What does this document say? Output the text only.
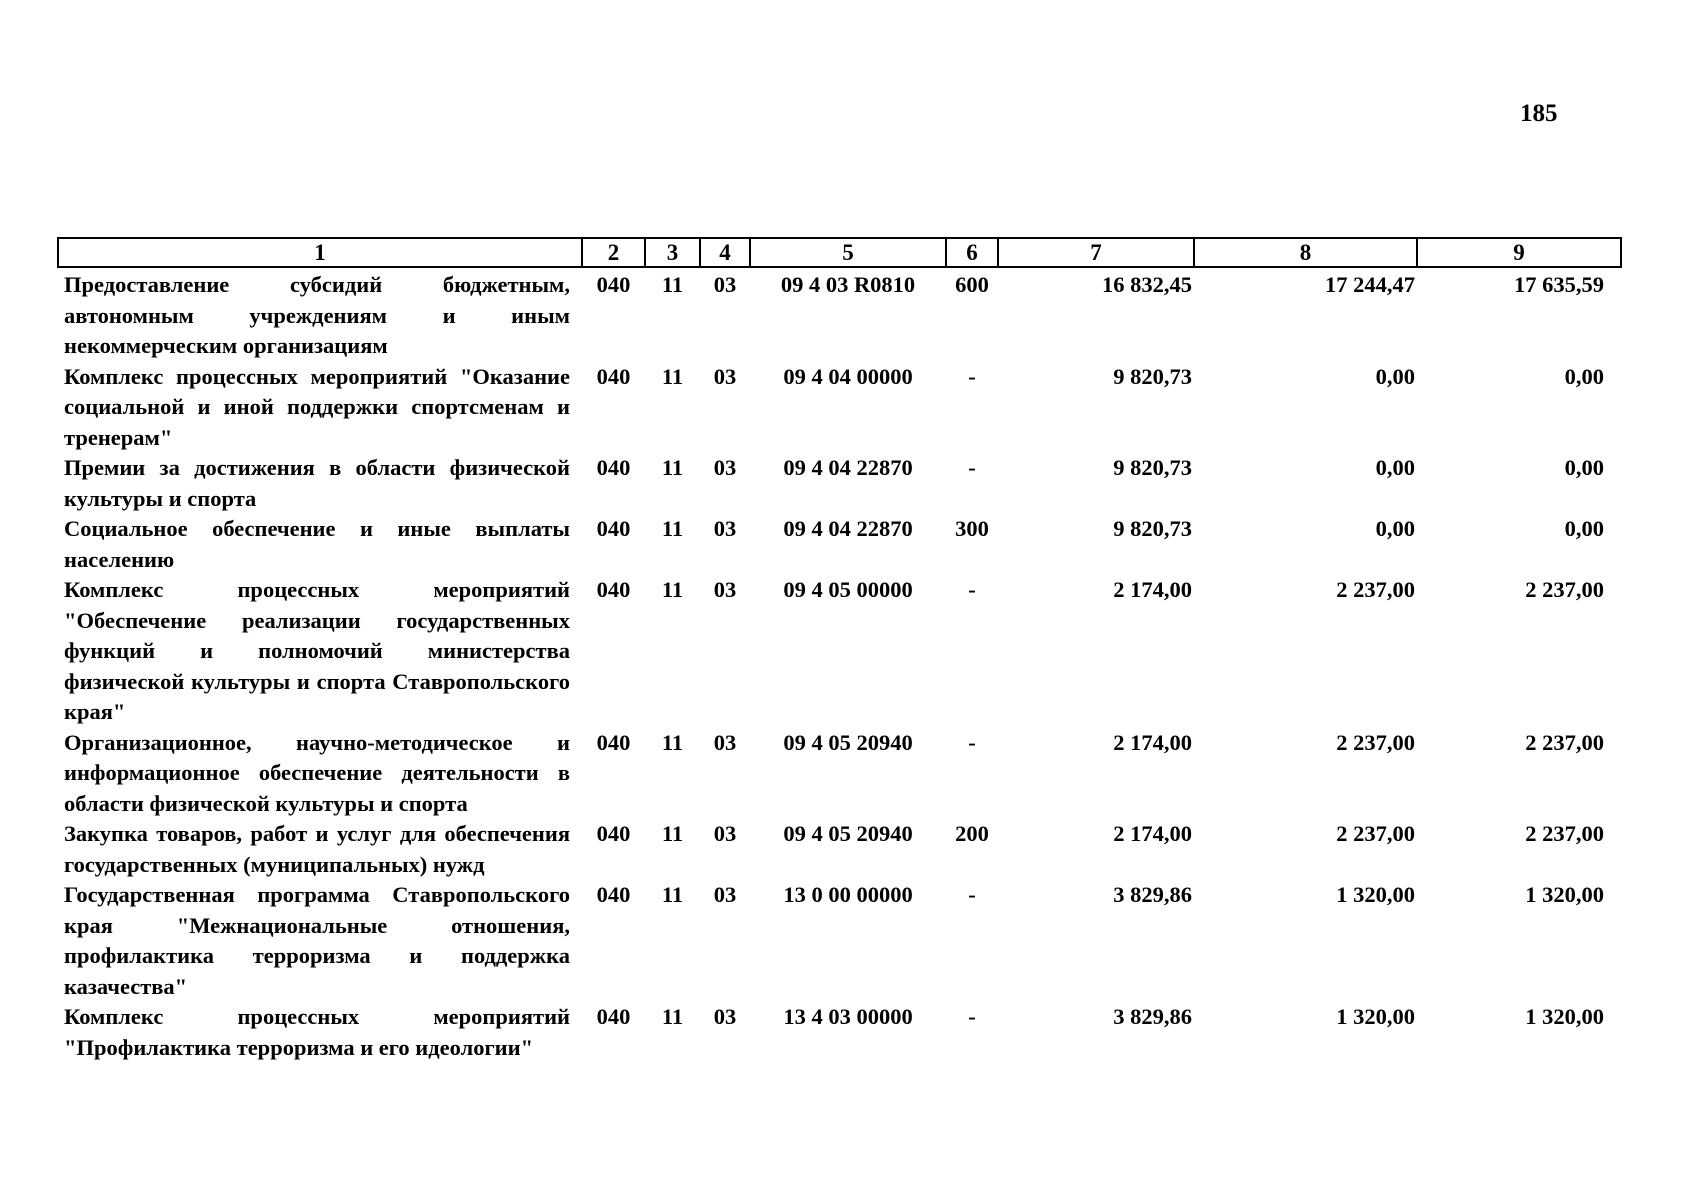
185
1	2	3	4	5	6	7	8	9
Предоставление субсидий бюджетным, автономным учреждениям и иным некоммерческим организациям	040	11	03	09 4 03 R0810	600	16 832,45	17 244,47	17 635,59
Комплекс процессных мероприятий "Оказание социальной и иной поддержки спортсменам и тренерам"	040	11	03	09 4 04 00000	-	9 820,73	0,00	0,00
Премии за достижения в области физической культуры и спорта	040	11	03	09 4 04 22870	-	9 820,73	0,00	0,00
Социальное обеспечение и иные выплаты населению	040	11	03	09 4 04 22870	300	9 820,73	0,00	0,00
Комплекс процессных мероприятий "Обеспечение реализации государственных функций и полномочий министерства физической культуры и спорта Ставропольского края"	040	11	03	09 4 05 00000	-	2 174,00	2 237,00	2 237,00
Организационное, научно-методическое и информационное обеспечение деятельности в области физической культуры и спорта	040	11	03	09 4 05 20940	-	2 174,00	2 237,00	2 237,00
Закупка товаров, работ и услуг для обеспечения государственных (муниципальных) нужд	040	11	03	09 4 05 20940	200	2 174,00	2 237,00	2 237,00
Государственная программа Ставропольского края "Межнациональные отношения, профилактика терроризма и поддержка казачества"	040	11	03	13 0 00 00000	-	3 829,86	1 320,00	1 320,00
Комплекс процессных мероприятий "Профилактика терроризма и его идеологии"	040	11	03	13 4 03 00000	-	3 829,86	1 320,00	1 320,00
